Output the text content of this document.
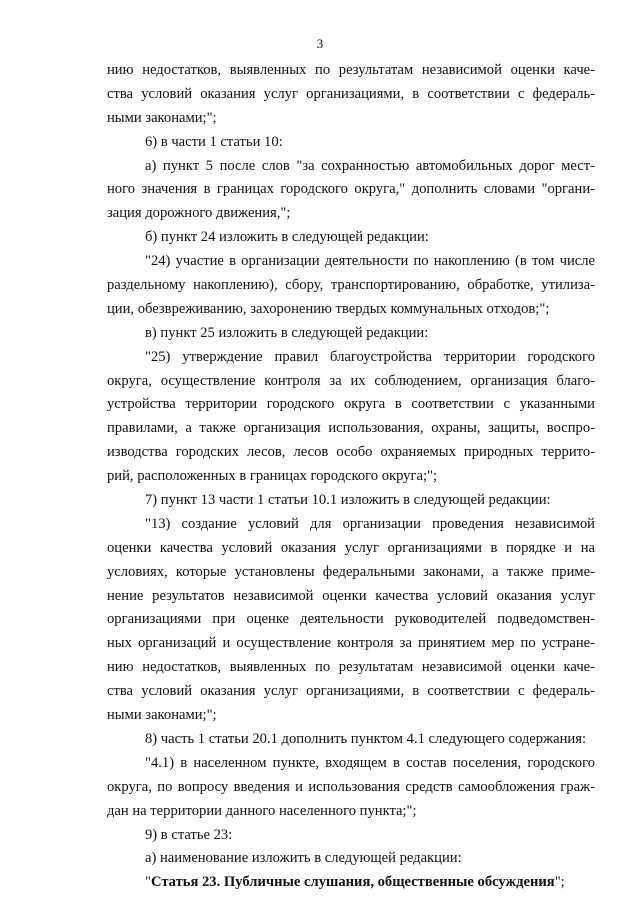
3
нию недостатков, выявленных по результатам независимой оценки каче-
ства условий оказания услуг организациями, в соответствии с федераль-
ными законами;";
6) в части 1 статьи 10:
а) пункт 5 после слов "за сохранностью автомобильных дорог мест-
ного значения в границах городского округа," дополнить словами "органи-
зация дорожного движения,";
б) пункт 24 изложить в следующей редакции:
"24) участие в организации деятельности по накоплению (в том числе
раздельному накоплению), сбору, транспортированию, обработке, утилиза-
ции, обезвреживанию, захоронению твердых коммунальных отходов;";
в) пункт 25 изложить в следующей редакции:
"25) утверждение правил благоустройства территории городского
округа, осуществление контроля за их соблюдением, организация благо-
устройства территории городского округа в соответствии с указанными
правилами, а также организация использования, охраны, защиты, воспро-
изводства городских лесов, лесов особо охраняемых природных террито-
рий, расположенных в границах городского округа;";
7) пункт 13 части 1 статьи 10.1 изложить в следующей редакции:
"13) создание условий для организации проведения независимой
оценки качества условий оказания услуг организациями в порядке и на
условиях, которые установлены федеральными законами, а также приме-
нение результатов независимой оценки качества условий оказания услуг
организациями при оценке деятельности руководителей подведомствен-
ных организаций и осуществление контроля за принятием мер по устране-
нию недостатков, выявленных по результатам независимой оценки каче-
ства условий оказания услуг организациями, в соответствии с федераль-
ными законами;";
8) часть 1 статьи 20.1 дополнить пунктом 4.1 следующего содержания:
"4.1) в населенном пункте, входящем в состав поселения, городского
округа, по вопросу введения и использования средств самообложения граж-
дан на территории данного населенного пункта;";
9) в статье 23:
а) наименование изложить в следующей редакции:
"Статья 23. Публичные слушания, общественные обсуждения";
